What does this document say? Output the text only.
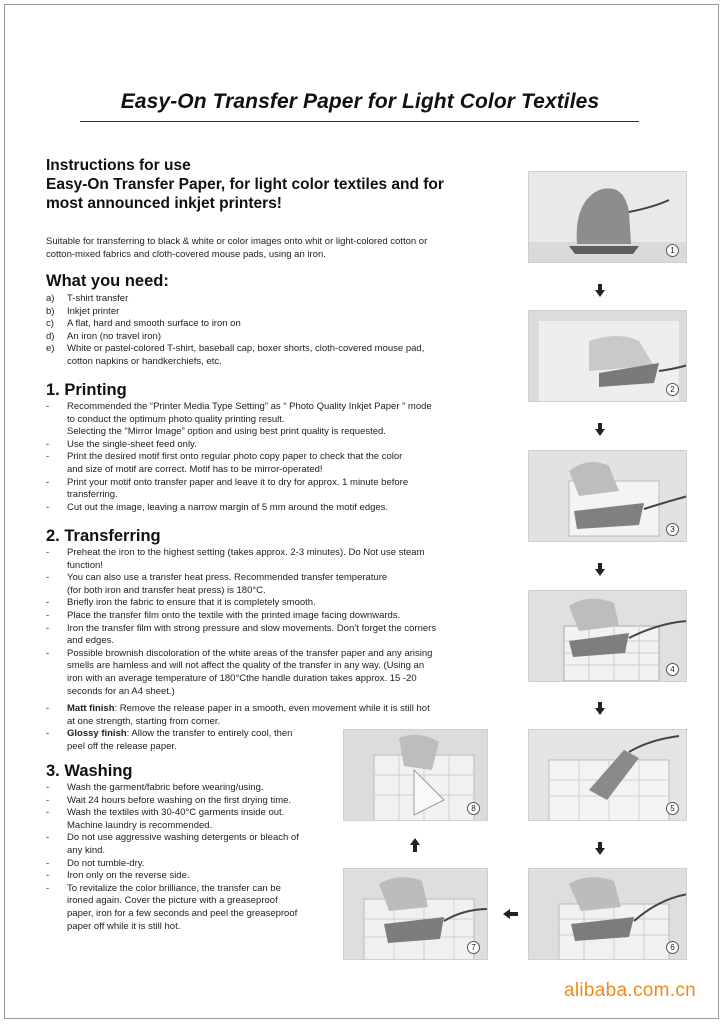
Easy-On Transfer Paper for Light Color Textiles
Instructions for use
Easy-On Transfer Paper, for light color textiles and for
most announced inkjet printers!
Suitable for transferring to black & white or color images onto whit or light-colored cotton or
cotton-mixed fabrics and cloth-covered mouse pads, using an iron.
What you need:
a)	T-shirt transfer
b)	Inkjet printer
c)	A flat, hard and smooth surface to iron on
d)	An iron (no travel iron)
e)	White or pastel-colored T-shirt, baseball cap, boxer shorts, cloth-covered mouse pad,
cotton napkins or handkerchiefs, etc.
1. Printing
-	Recommended the “Printer Media Type Setting” as “ Photo Quality Inkjet Paper ” mode
to conduct the optimum photo quality printing result.
Selecting the “Mirror Image” option and using best print quality is requested.
-	Use the single-sheet feed only.
-	Print the desired motif first onto regular photo copy paper to check that the color
and size of motif are correct. Motif has to be mirror-operated!
-	Print your motif onto transfer paper and leave it to dry for approx. 1 minute before
transferring.
-	Cut out the image, leaving a narrow margin of 5 mm around the motif edges.
2. Transferring
-	Preheat the iron to the highest setting (takes approx. 2-3 minutes). Do Not use steam
function!
-	You can also use a transfer heat press. Recommended transfer temperature
(for both iron and transfer heat press) is 180°C.
-	Briefly iron the fabric to ensure that it is completely smooth.
-	Place the transfer film onto the textile with the printed image facing downwards.
-	Iron the transfer film with strong pressure and slow movements. Don’t forget the corners
and edges.
-	Possible brownish discoloration of the white areas of the transfer paper and any arising
smells are hamless and will not affect the quality of the transfer in any way. (Using an
iron with an average temperature of 180°Cthe handle duration takes approx. 15 -20
seconds for an A4 sheet.)
-	Matt finish: Remove the release paper in a smooth, even movement while it is still hot
at one strength, starting from corner.
-	Glossy finish: Allow the transfer to entirely cool, then
peel off the release paper.
3. Washing
-	Wash the garment/fabric before wearing/using.
-	Wait 24 hours before washing on the first drying time.
-	Wash the textiles with 30-40°C garments inside out.
Machine laundry is recommended.
-	Do not use aggressive washing detergents or bleach of
any kind.
-	Do not tumble-dry.
-	Iron only on the reverse side.
-	To revitalize the color brilliance, the transfer can be
ironed again. Cover the picture with a greaseproof
paper, iron for a few seconds and peel the greaseproof
paper off while it is still hot.
1
2
3
4
5
6
7
8
alibaba.com.cn
